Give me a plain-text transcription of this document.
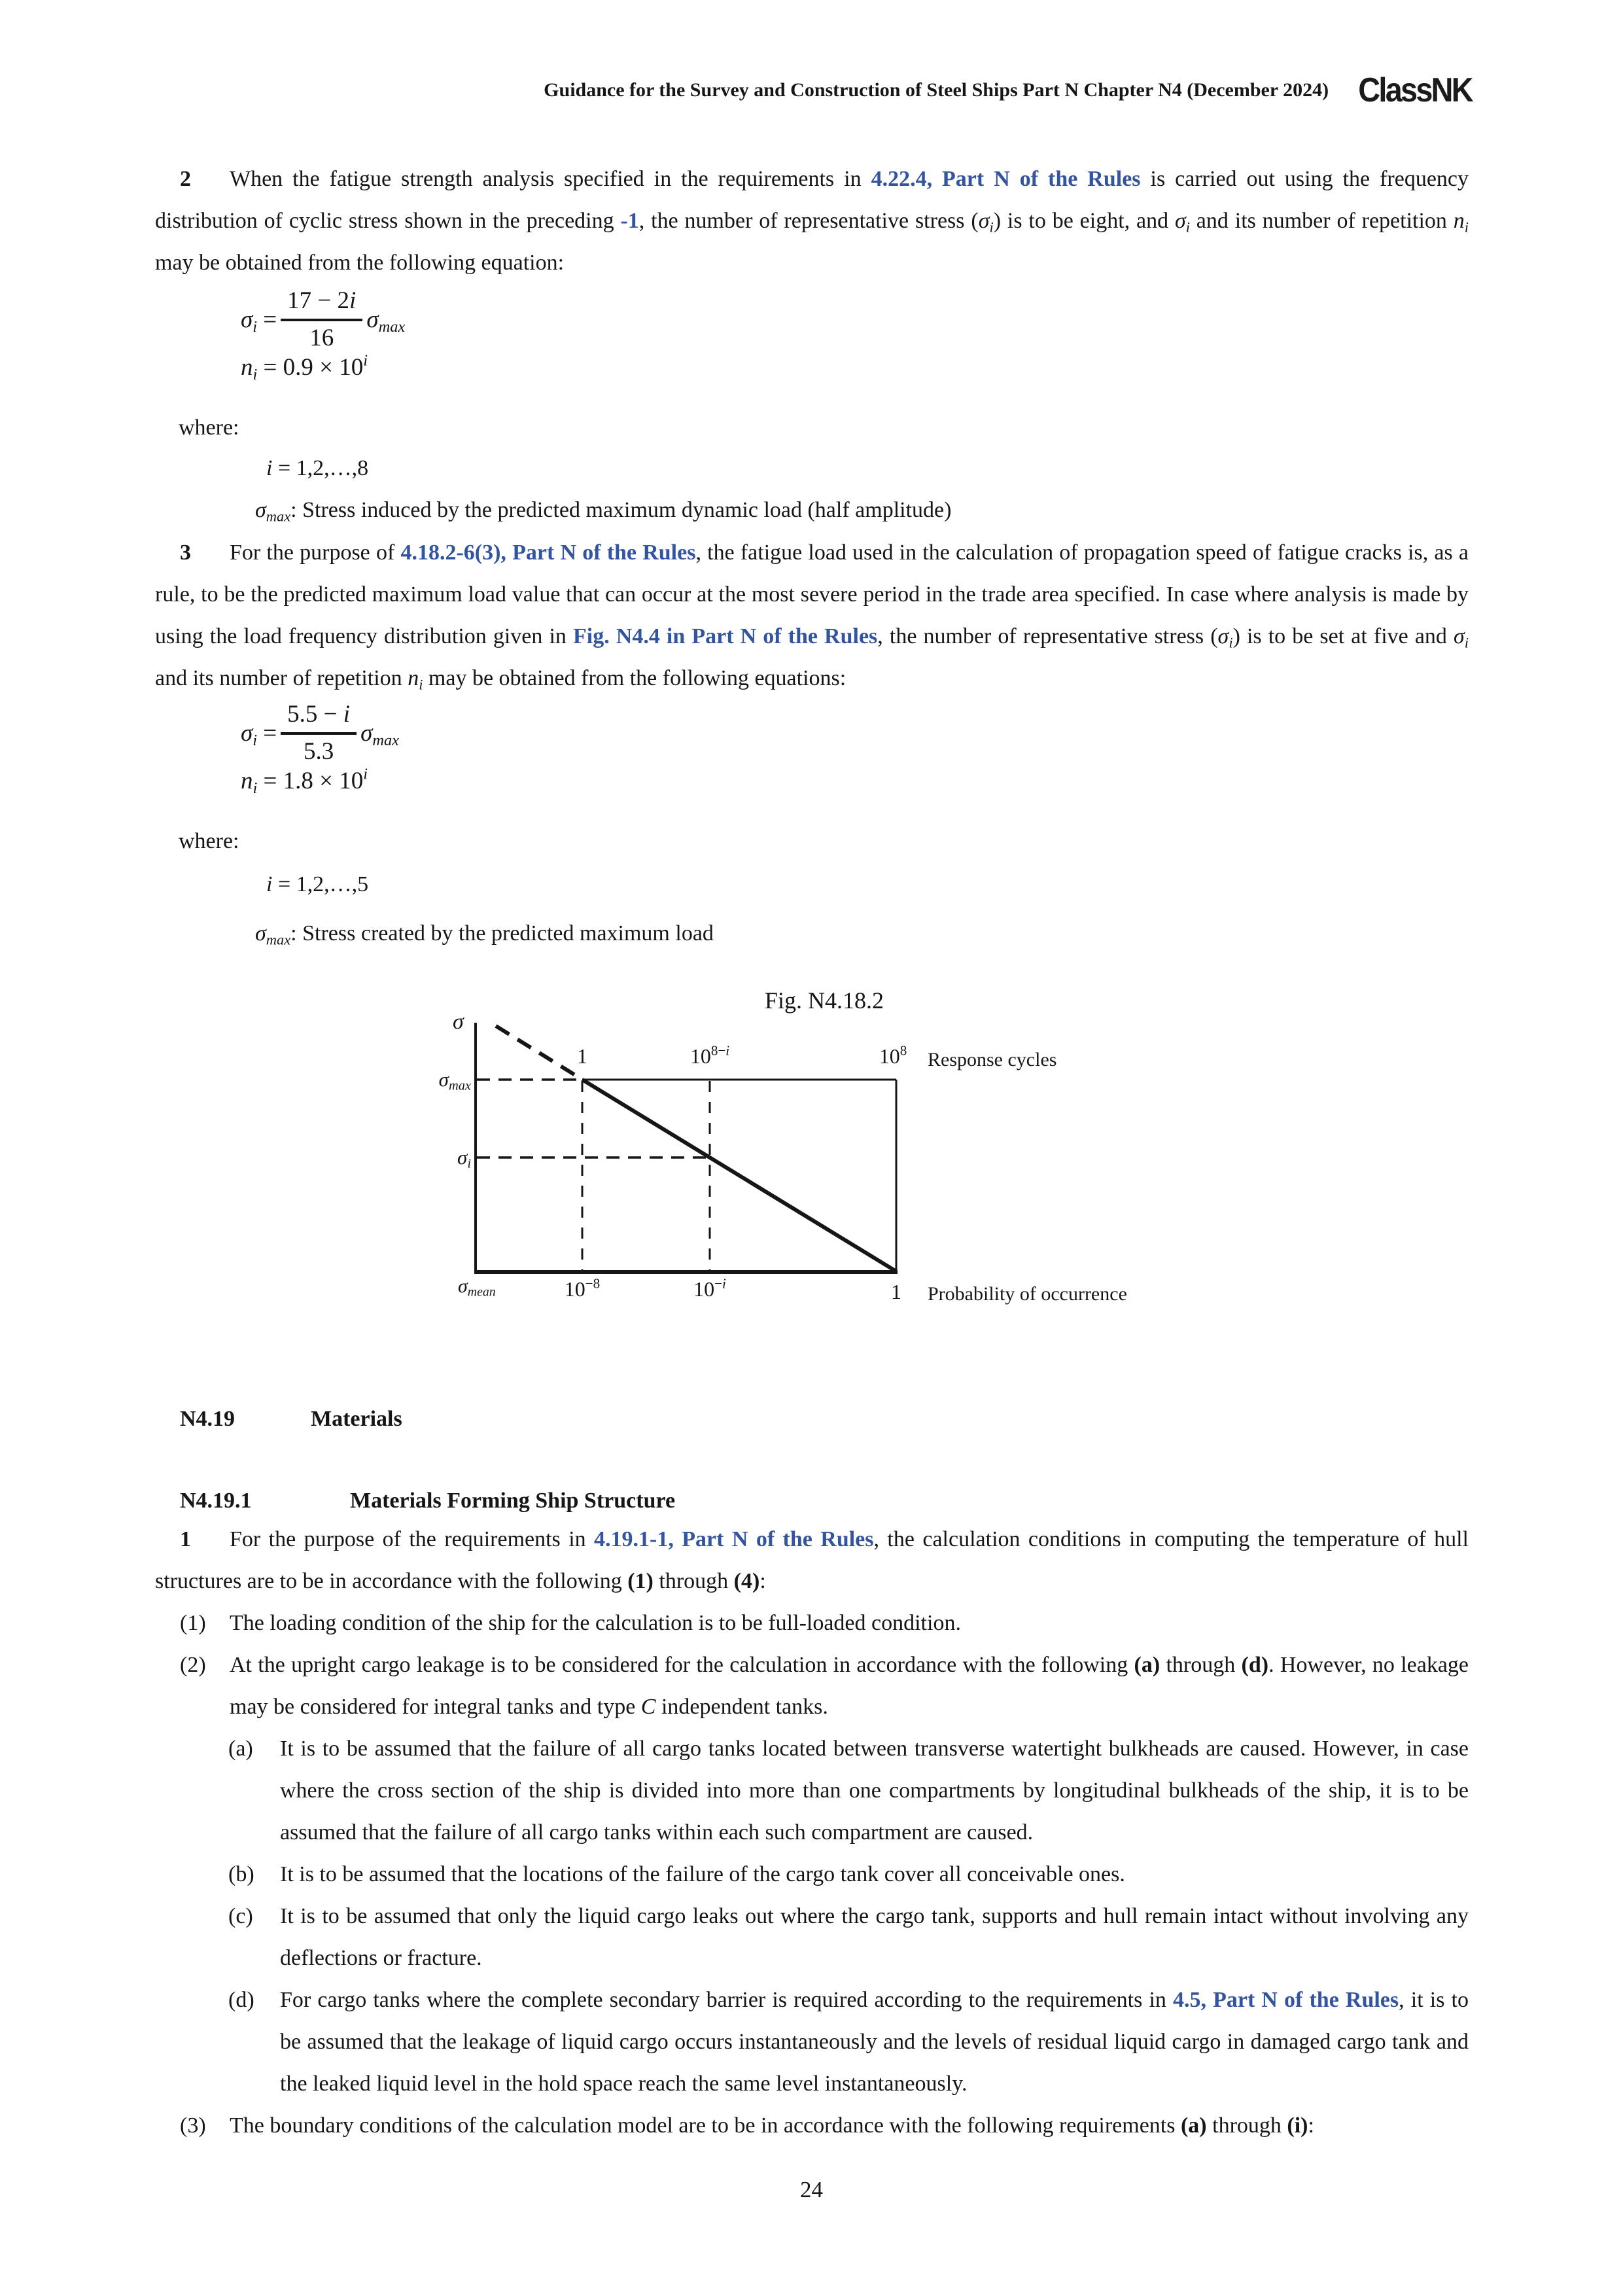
Guidance for the Survey and Construction of Steel Ships Part N Chapter N4 (December 2024) ClassNK
2 When the fatigue strength analysis specified in the requirements in 4.22.4, Part N of the Rules is carried out using the frequency distribution of cyclic stress shown in the preceding -1, the number of representative stress $(\sigma_i)$ is to be eight, and $\sigma_i$ and its number of repetition $n_i$ may be obtained from the following equation:
$\sigma_i = \frac{17 - 2i}{16} \sigma_{max}$
$n_i = 0.9 \times 10^i$
where:
i = 1,2,…,8
$\sigma_{max}$: Stress induced by the predicted maximum dynamic load (half amplitude)
3 For the purpose of 4.18.2-6(3), Part N of the Rules, the fatigue load used in the calculation of propagation speed of fatigue cracks is, as a rule, to be the predicted maximum load value that can occur at the most severe period in the trade area specified. In case where analysis is made by using the load frequency distribution given in Fig. N4.4 in Part N of the Rules, the number of representative stress $(\sigma_i)$ is to be set at five and $\sigma_i$ and its number of repetition $n_i$ may be obtained from the following equations:
$\sigma_i = \frac{5.5 - i}{5.3} \sigma_{max}$
$n_i = 1.8 \times 10^i$
where:
i = 1,2,…,5
$\sigma_{max}$: Stress created by the predicted maximum load
Fig. N4.18.2
σ
$\sigma_{max}$
$\sigma_i$
$\sigma_{mean}$
1	$10^{8-i}$	$10^8$	Response cycles
$10^{-8}$	$10^{-i}$	1 Probability of occurrence
N4.19	Materials
N4.19.1	Materials Forming Ship Structure
1 For the purpose of the requirements in 4.19.1-1, Part N of the Rules, the calculation conditions in computing the temperature of hull structures are to be in accordance with the following (1) through (4):
(1)	The loading condition of the ship for the calculation is to be full-loaded condition.
(2)	At the upright cargo leakage is to be considered for the calculation in accordance with the following (a) through (d). However, no leakage may be considered for integral tanks and type C independent tanks.
(a)	It is to be assumed that the failure of all cargo tanks located between transverse watertight bulkheads are caused. However, in case where the cross section of the ship is divided into more than one compartments by longitudinal bulkheads of the ship, it is to be assumed that the failure of all cargo tanks within each such compartment are caused.
(b)	It is to be assumed that the locations of the failure of the cargo tank cover all conceivable ones.
(c)	It is to be assumed that only the liquid cargo leaks out where the cargo tank, supports and hull remain intact without involving any deflections or fracture.
(d)	For cargo tanks where the complete secondary barrier is required according to the requirements in 4.5, Part N of the Rules, it is to be assumed that the leakage of liquid cargo occurs instantaneously and the levels of residual liquid cargo in damaged cargo tank and the leaked liquid level in the hold space reach the same level instantaneously.
(3)	The boundary conditions of the calculation model are to be in accordance with the following requirements (a) through (i):
24
